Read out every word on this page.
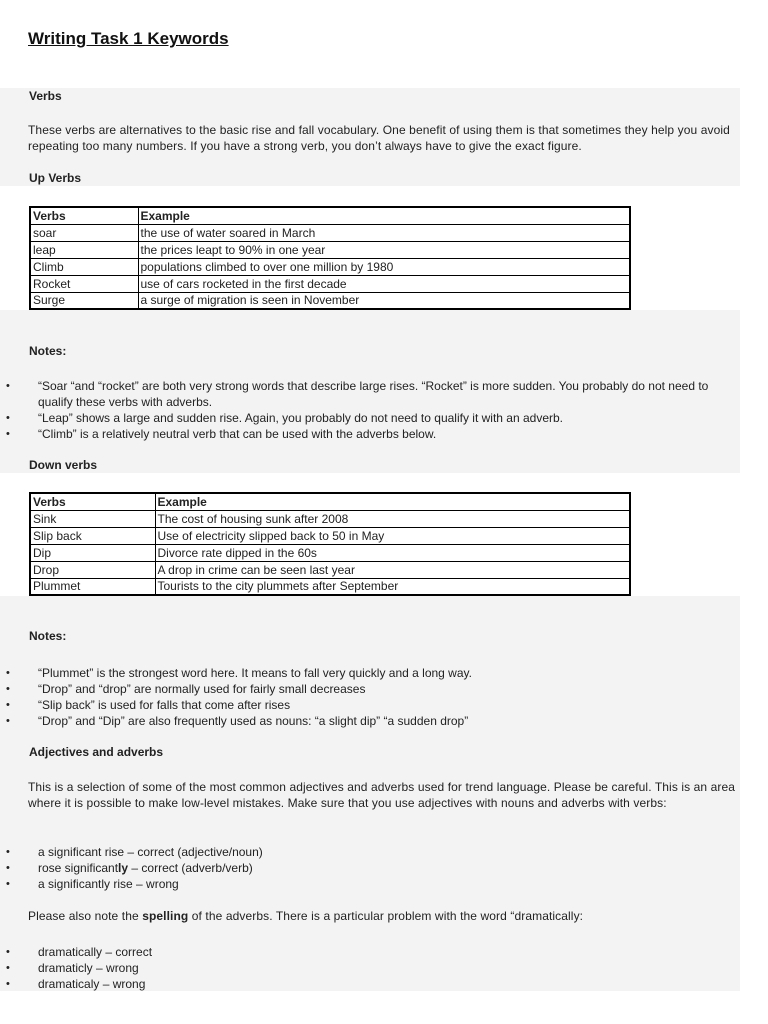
Writing Task 1 Keywords
Verbs
These verbs are alternatives to the basic rise and fall vocabulary. One benefit of using them is that sometimes they help you avoid repeating too many numbers. If you have a strong verb, you don’t always have to give the exact figure.
Up Verbs
Verbs	Example
soar	the use of water soared in March
leap	the prices leapt to 90% in one year
Climb	populations climbed to over one million by 1980
Rocket	use of cars rocketed in the first decade
Surge	a surge of migration is seen in November
Notes:
• “Soar “and “rocket” are both very strong words that describe large rises. “Rocket” is more sudden. You probably do not need to qualify these verbs with adverbs.
• “Leap” shows a large and sudden rise. Again, you probably do not need to qualify it with an adverb.
• “Climb” is a relatively neutral verb that can be used with the adverbs below.
Down verbs
Verbs	Example
Sink	The cost of housing sunk after 2008
Slip back	Use of electricity slipped back to 50 in May
Dip	Divorce rate dipped in the 60s
Drop	A drop in crime can be seen last year
Plummet	Tourists to the city plummets after September
Notes:
• “Plummet” is the strongest word here. It means to fall very quickly and a long way.
• “Drop” and “drop” are normally used for fairly small decreases
• “Slip back” is used for falls that come after rises
• “Drop” and “Dip” are also frequently used as nouns: “a slight dip” “a sudden drop”
Adjectives and adverbs
This is a selection of some of the most common adjectives and adverbs used for trend language. Please be careful. This is an area where it is possible to make low-level mistakes. Make sure that you use adjectives with nouns and adverbs with verbs:
• a significant rise – correct (adjective/noun)
• rose significantly – correct (adverb/verb)
• a significantly rise – wrong
Please also note the spelling of the adverbs. There is a particular problem with the word “dramatically:
• dramatically – correct
• dramaticly – wrong
• dramaticaly – wrong
